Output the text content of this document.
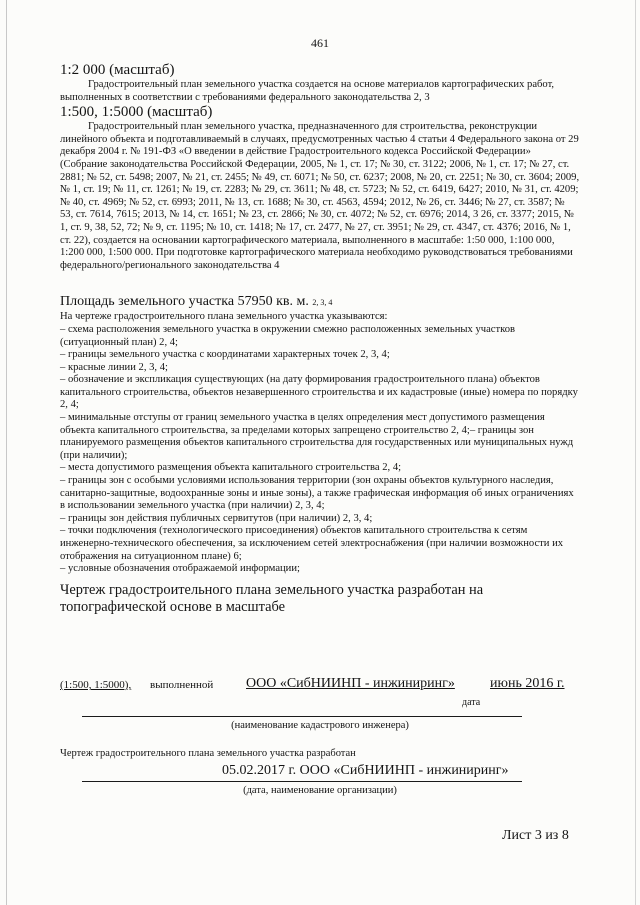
461

1:2 000 (масштаб)

Градостроительный план земельного участка создается на основе материалов картографических работ, выполненных в соответствии с требованиями федерального законодательства 2, 3

1:500, 1:5000 (масштаб)

Градостроительный план земельного участка, предназначенного для строительства, реконструкции линейного объекта и подготавливаемый в случаях, предусмотренных частью 4 статьи 4 Федерального закона от 29 декабря 2004 г. № 191-ФЗ «О введении в действие Градостроительного кодекса Российской Федерации» (Собрание законодательства Российской Федерации, 2005, № 1, ст. 17; № 30, ст. 3122; 2006, № 1, ст. 17; № 27, ст. 2881; № 52, ст. 5498; 2007, № 21, ст. 2455; № 49, ст. 6071; № 50, ст. 6237; 2008, № 20, ст. 2251; № 30, ст. 3604; 2009, № 1, ст. 19; № 11, ст. 1261; № 19, ст. 2283; № 29, ст. 3611; № 48, ст. 5723; № 52, ст. 6419, 6427; 2010, № 31, ст. 4209; № 40, ст. 4969; № 52, ст. 6993; 2011, № 13, ст. 1688; № 30, ст. 4563, 4594; 2012, № 26, ст. 3446; № 27, ст. 3587; № 53, ст. 7614, 7615; 2013, № 14, ст. 1651; № 23, ст. 2866; № 30, ст. 4072; № 52, ст. 6976; 2014, 3 26, ст. 3377; 2015, № 1, ст. 9, 38, 52, 72; № 9, ст. 1195; № 10, ст. 1418; № 17, ст. 2477, № 27, ст. 3951; № 29, ст. 4347, ст. 4376; 2016, № 1, ст. 22), создается на основании картографического материала, выполненного в масштабе: 1:50 000, 1:100 000, 1:200 000, 1:500 000. При подготовке картографического материала необходимо руководствоваться требованиями федерального/регионального законодательства 4

Площадь земельного участка 57950 кв. м. 2, 3, 4

На чертеже градостроительного плана земельного участка указываются:

– схема расположения земельного участка в окружении смежно расположенных земельных участков (ситуационный план) 2, 4;

– границы земельного участка с координатами характерных точек 2, 3, 4;

– красные линии 2, 3, 4;

– обозначение и экспликация существующих (на дату формирования градостроительного плана) объектов капитального строительства, объектов незавершенного строительства и их кадастровые (иные) номера по порядку 2, 4;

– минимальные отступы от границ земельного участка в целях определения мест допустимого размещения объекта капитального строительства, за пределами которых запрещено строительство 2, 4;– границы зон планируемого размещения объектов капитального строительства для государственных или муниципальных нужд (при наличии);

– места допустимого размещения объекта капитального строительства 2, 4;

– границы зон с особыми условиями использования территории (зон охраны объектов культурного наследия, санитарно-защитные, водоохранные зоны и иные зоны), а также графическая информация об иных ограничениях в использовании земельного участка (при наличии) 2, 3, 4;

– границы зон действия публичных сервитутов (при наличии) 2, 3, 4;

– точки подключения (технологического присоединения) объектов капитального строительства к сетям инженерно-технического обеспечения, за исключением сетей электроснабжения (при наличии возможности их отображения на ситуационном плане) 6;

– условные обозначения отображаемой информации;

Чертеж градостроительного плана земельного участка разработан на топографической основе в масштабе

(1:500, 1:5000), выполненной ООО «СибНИИНП - инжиниринг»	июнь 2016 г.
дата
(наименование кадастрового инженера)
Чертеж градостроительного плана земельного участка разработан
05.02.2017 г. ООО «СибНИИНП - инжиниринг»
(дата, наименование организации)
Лист 3 из 8
